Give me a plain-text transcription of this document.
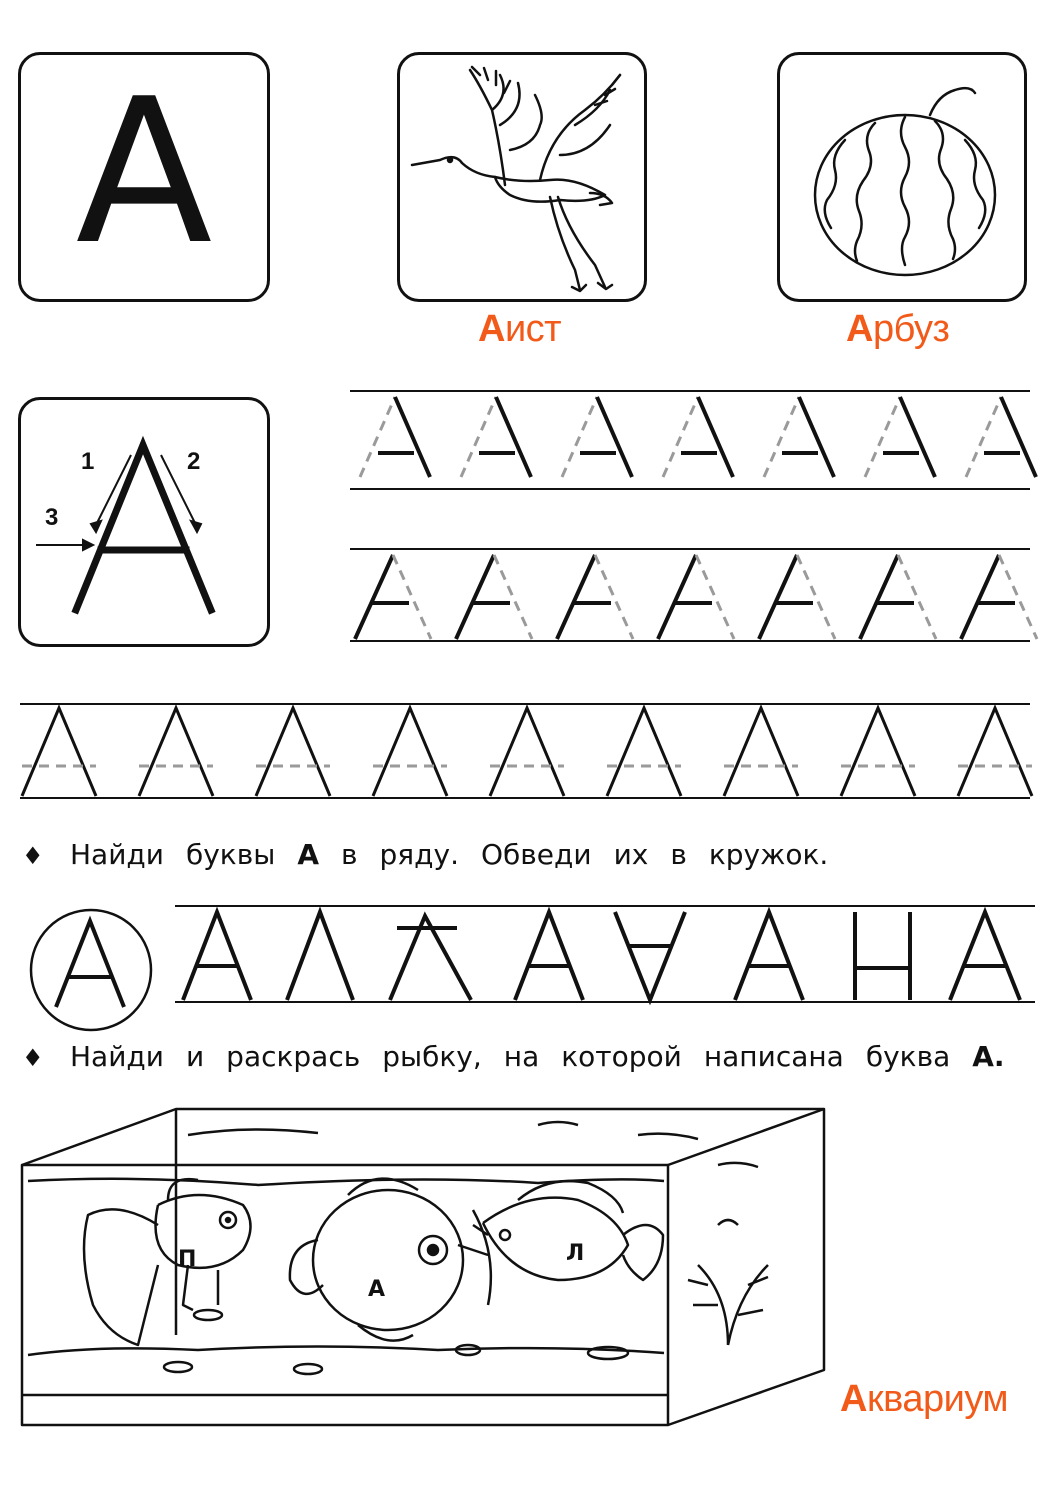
А
Аист	Арбуз
1	2
3
♦ Найди буквы А в ряду. Обведи их в кружок.
♦ Найди и раскрась рыбку, на которой написана буква А.
П
А
Л
Аквариум
